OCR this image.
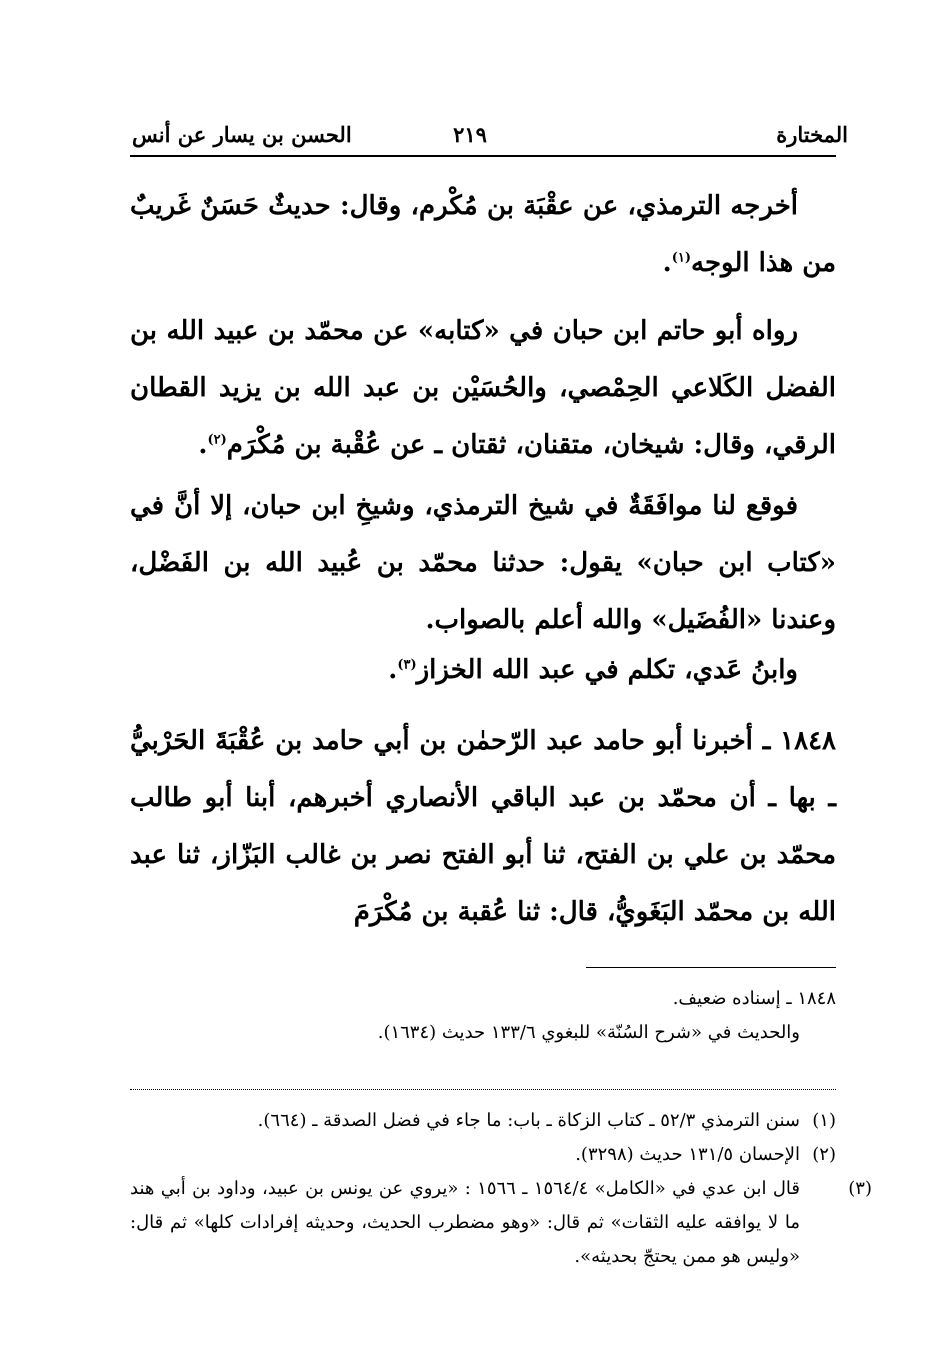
المختارة
٢١٩
الحسن بن يسار عن أنس

أخرجه الترمذي، عن عقْبَة بن مُكْرم، وقال: حديثٌ حَسَنٌ غَريبٌ من هذا الوجه$^{(١)}$.

رواه أبو حاتم ابن حبان في «كتابه» عن محمّد بن عبيد الله بن الفضل الكَلاعي الحِمْصي، والحُسَيْن بن عبد الله بن يزيد القطان الرقي، وقال: شيخان، متقنان، ثقتان ـ عن عُقْبة بن مُكْرَم$^{(٢)}$.

فوقع لنا موافَقَةٌ في شيخ الترمذي، وشيخِ ابن حبان، إلا أنَّ في «كتاب ابن حبان» يقول: حدثنا محمّد بن عُبيد الله بن الفَضْل، وعندنا «الفُضَيل» والله أعلم بالصواب.

وابنُ عَدي، تكلم في عبد الله الخزاز$^{(٣)}$.

١٨٤٨ ـ أخبرنا أبو حامد عبد الرّحمٰن بن أبي حامد بن عُقْبَةَ الحَرْبيُّ ـ بها ـ أن محمّد بن عبد الباقي الأنصاري أخبرهم، أبنا أبو طالب محمّد بن علي بن الفتح، ثنا أبو الفتح نصر بن غالب البَزّاز، ثنا عبد الله بن محمّد البَغَويُّ، قال: ثنا عُقبة بن مُكْرَمَ

١٨٤٨ ـ إسناده ضعيف.

والحديث في «شرح السُنّة» للبغوي ١٣٣/٦ حديث (١٦٣٤).

(١)سنن الترمذي ٥٢/٣ ـ كتاب الزكاة ـ باب: ما جاء في فضل الصدقة ـ (٦٦٤).

(٢)الإحسان ١٣١/٥ حديث (٣٢٩٨).

(٣)قال ابن عدي في «الكامل» ١٥٦٤/٤ ـ ١٥٦٦ : «يروي عن يونس بن عبيد، وداود بن أبي هند ما لا يوافقه عليه الثقات» ثم قال: «وهو مضطرب الحديث، وحديثه إفرادات كلها» ثم قال: «وليس هو ممن يحتجّ بحديثه».
